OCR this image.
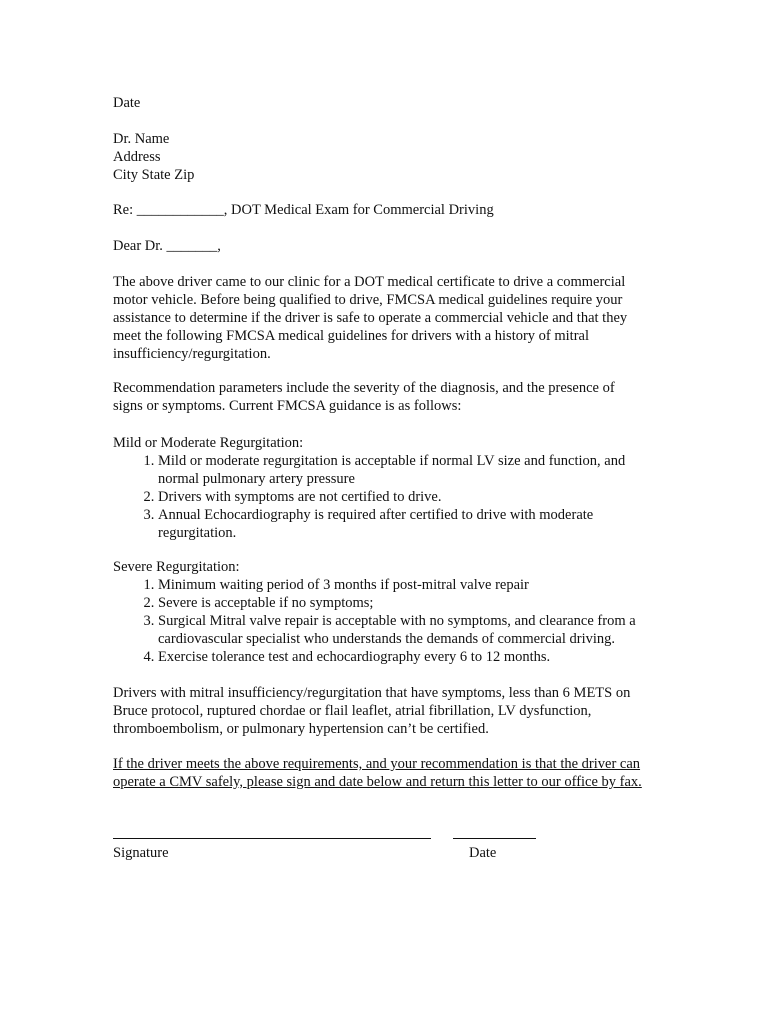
Date
Dr. Name
Address
City State Zip
Re: ____________, DOT Medical Exam for Commercial Driving
Dear Dr. _______,

The above driver came to our clinic for a DOT medical certificate to drive a commercial motor vehicle. Before being qualified to drive, FMCSA medical guidelines require your assistance to determine if the driver is safe to operate a commercial vehicle and that they meet the following FMCSA medical guidelines for drivers with a history of mitral insufficiency/regurgitation.

Recommendation parameters include the severity of the diagnosis, and the presence of signs or symptoms. Current FMCSA guidance is as follows:

Mild or Moderate Regurgitation:

1. Mild or moderate regurgitation is acceptable if normal LV size and function, and normal pulmonary artery pressure
2. Drivers with symptoms are not certified to drive.
3. Annual Echocardiography is required after certified to drive with moderate regurgitation.

Severe Regurgitation:

1. Minimum waiting period of 3 months if post-mitral valve repair
2. Severe is acceptable if no symptoms;
3. Surgical Mitral valve repair is acceptable with no symptoms, and clearance from a cardiovascular specialist who understands the demands of commercial driving.
4. Exercise tolerance test and echocardiography every 6 to 12 months.

Drivers with mitral insufficiency/regurgitation that have symptoms, less than 6 METS on Bruce protocol, ruptured chordae or flail leaflet, atrial fibrillation, LV dysfunction, thromboembolism, or pulmonary hypertension can’t be certified.

If the driver meets the above requirements, and your recommendation is that the driver can operate a CMV safely, please sign and date below and return this letter to our office by fax.

Signature	Date
